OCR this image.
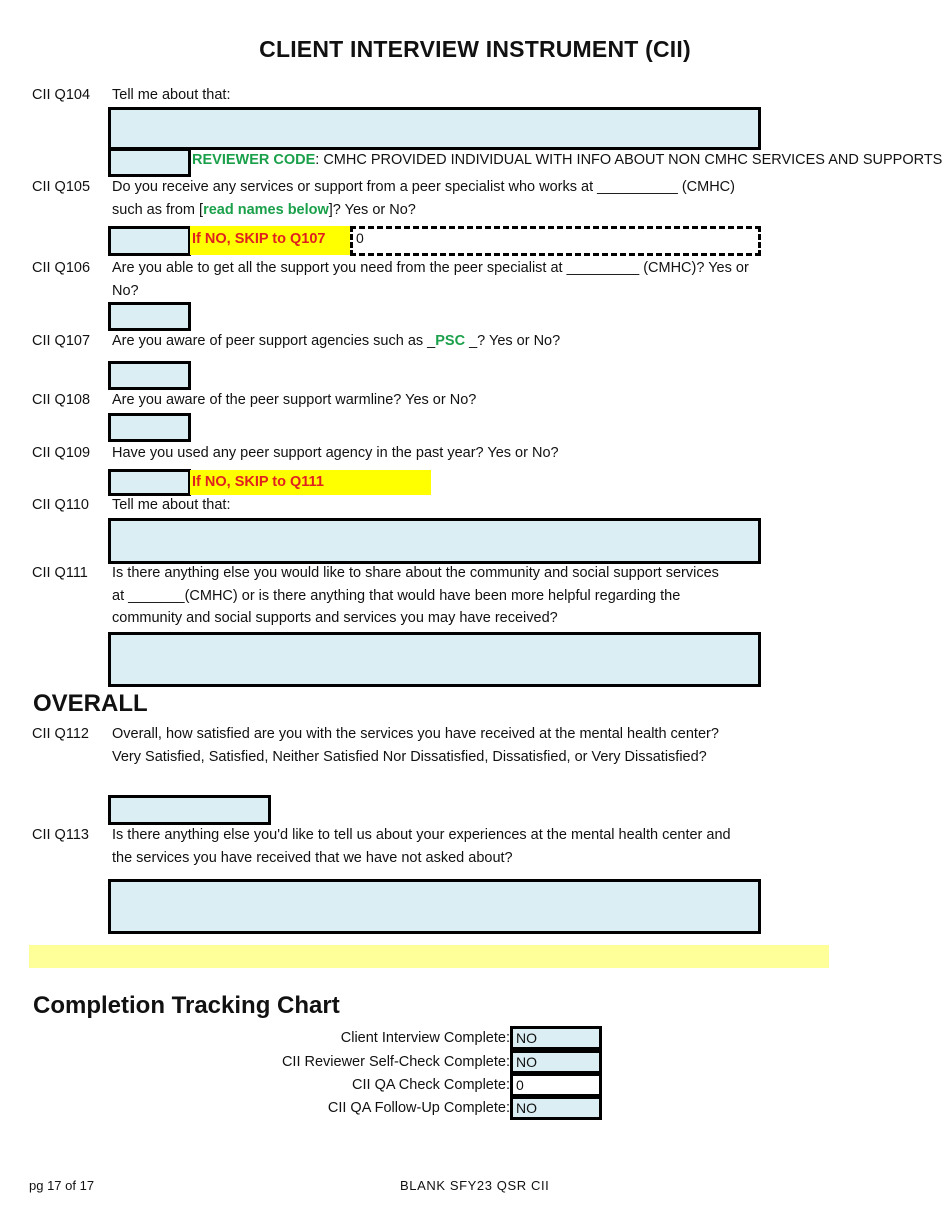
CLIENT INTERVIEW INSTRUMENT (CII)
CII Q104 Tell me about that:
REVIEWER CODE: CMHC PROVIDED INDIVIDUAL WITH INFO ABOUT NON CMHC SERVICES AND SUPPORTS
CII Q105 Do you receive any services or support from a peer specialist who works at __________ (CMHC) such as from [read names below]? Yes or No?
If NO, SKIP to Q107	0
CII Q106 Are you able to get all the support you need from the peer specialist at _________ (CMHC)? Yes or No?
CII Q107 Are you aware of peer support agencies such as _PSC _? Yes or No?
CII Q108 Are you aware of the peer support warmline? Yes or No?
CII Q109 Have you used any peer support agency in the past year? Yes or No?
If NO, SKIP to Q111
CII Q110 Tell me about that:
CII Q111 Is there anything else you would like to share about the community and social support services at _______(CMHC) or is there anything that would have been more helpful regarding the community and social supports and services you may have received?
OVERALL
CII Q112 Overall, how satisfied are you with the services you have received at the mental health center? Very Satisfied, Satisfied, Neither Satisfied Nor Dissatisfied, Dissatisfied, or Very Dissatisfied?
CII Q113 Is there anything else you'd like to tell us about your experiences at the mental health center and the services you have received that we have not asked about?
Completion Tracking Chart
Client Interview Complete: NO
CII Reviewer Self-Check Complete: NO
CII QA Check Complete: 0
CII QA Follow-Up Complete: NO
pg 17 of 17	BLANK SFY23 QSR CII
